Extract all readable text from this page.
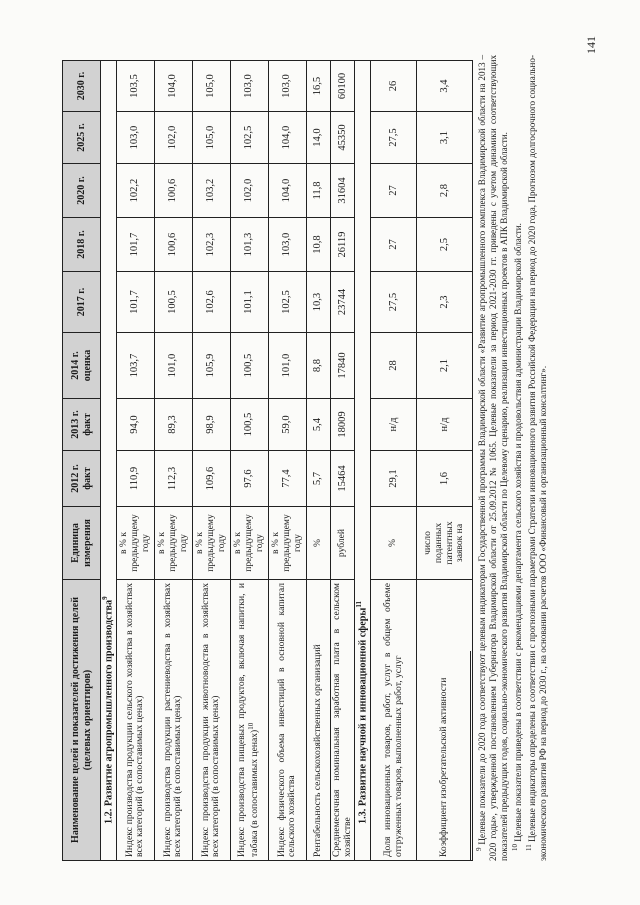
Наименование целей и показателей достижения целей (целевых ориентиров)	Единица измерения	2012 г. факт	2013 г. факт	2014 г. оценка	2017 г.	2018 г.	2020 г.	2025 г.	2030 г.
1.2. Развитие агропромышленного производства$^9$
Индекс производства продукции сельского хозяйства в хозяйствах всех категорий (в сопоставимых ценах)	в % к предыдущему году	110,9	94,0	103,7	101,7	101,7	102,2	103,0	103,5
Индекс производства продукции растениеводства в хозяйствах всех категорий (в сопоставимых ценах)	в % к предыдущему году	112,3	89,3	101,0	100,5	100,6	100,6	102,0	104,0
Индекс производства продукции животноводства в хозяйствах всех категорий (в сопоставимых ценах)	в % к предыдущему году	109,6	98,9	105,9	102,6	102,3	103,2	105,0	105,0
Индекс производства пищевых продуктов, включая напитки, и табака (в сопоставимых ценах)$^{10}$	в % к предыдущему году	97,6	100,5	100,5	101,1	101,3	102,0	102,5	103,0
Индекс физического объема инвестиций в основной капитал сельского хозяйства	в % к предыдущему году	77,4	59,0	101,0	102,5	103,0	104,0	104,0	103,0
Рентабельность сельскохозяйственных организаций	%	5,7	5,4	8,8	10,3	10,8	11,8	14,0	16,5
Среднемесячная номинальная заработная плата в сельском хозяйстве	рублей	15464	18009	17840	23744	26119	31604	45350	60100
1.3. Развитие научной и инновационной сферы$^{11}$
Доля инновационных товаров, работ, услуг в общем объеме отгруженных товаров, выполненных работ, услуг	%	29,1	н/д	28	27,5	27	27	27,5	26
Коэффициент изобретательской активности	число поданных патентных заявок на	1,6	н/д	2,1	2,3	2,5	2,8	3,1	3,4

$^9$ Целевые показатели до 2020 года соответствуют целевым индикаторам Государственной программы Владимирской области «Развитие агропромышленного комплекса Владимирской области на 2013 – 2020 годы», утвержденной постановлением Губернатора Владимирской области от 25.09.2012 № 1065. Целевые показатели за период 2021-2030 гг. приведены с учетом динамики соответствующих показателей предыдущих годов, социально-экономического развития Владимирской области по Целевому сценарию, реализации инвестиционных проектов в АПК Владимирской области. $^{10}$ Целевые показатели приведены в соответствии с рекомендациями департамента сельского хозяйства и продовольствия администрации Владимирской области.

$^{11}$ Целевые индикаторы определены в соответствии с прогнозными параметрами Стратегии инновационного развития Российской Федерации на период до 2020 года, Прогнозом долгосрочного социально-экономического развития РФ на период до 2030 г., на основании расчетов ООО «Финансовый и организационный консалтинг».

141
